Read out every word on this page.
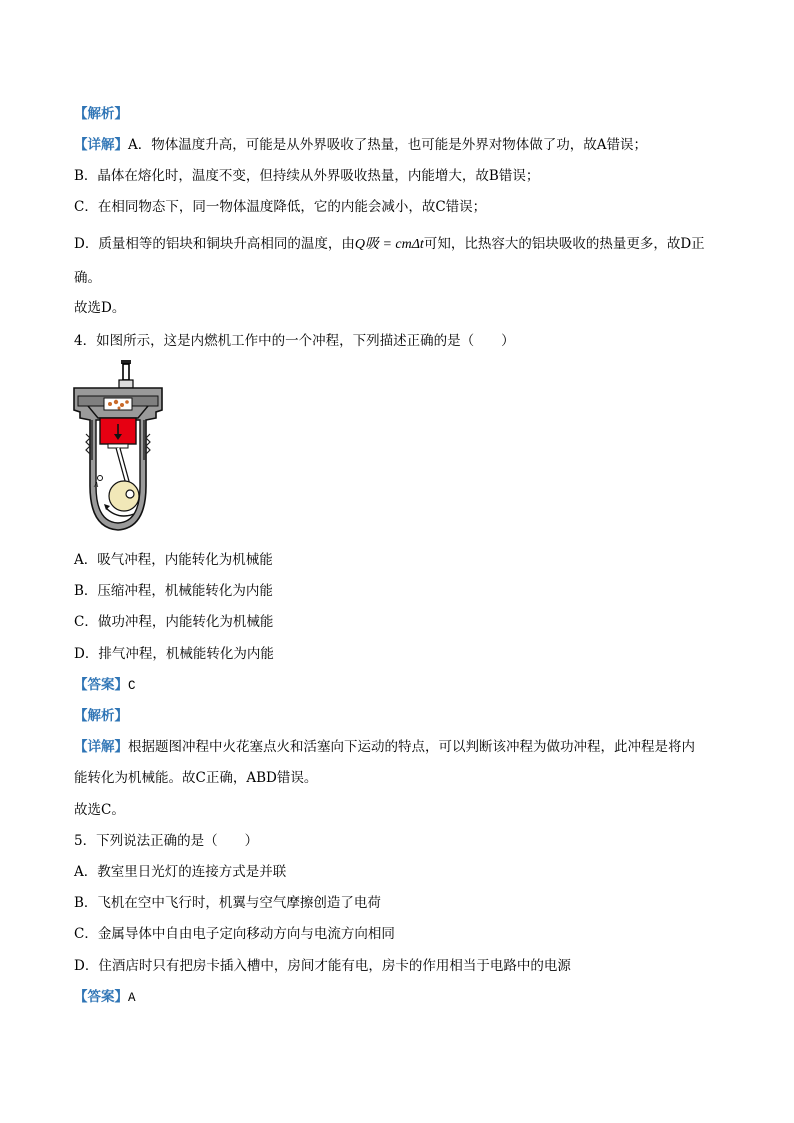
【解析】
【详解】A．物体温度升高，可能是从外界吸收了热量，也可能是外界对物体做了功，故A错误；
B．晶体在熔化时，温度不变，但持续从外界吸收热量，内能增大，故B错误；
C．在相同物态下，同一物体温度降低，它的内能会减小，故C错误；
D．质量相等的铝块和铜块升高相同的温度，由Q吸 = cmΔt可知，比热容大的铝块吸收的热量更多，故D正
确。
故选D。
4．如图所示，这是内燃机工作中的一个冲程，下列描述正确的是（　　）
A
A．吸气冲程，内能转化为机械能
B．压缩冲程，机械能转化为内能
C．做功冲程，内能转化为机械能
D．排气冲程，机械能转化为内能
【答案】C
【解析】
【详解】根据题图冲程中火花塞点火和活塞向下运动的特点，可以判断该冲程为做功冲程，此冲程是将内
能转化为机械能。故C正确，ABD错误。
故选C。
5．下列说法正确的是（　　）
A．教室里日光灯的连接方式是并联
B．飞机在空中飞行时，机翼与空气摩擦创造了电荷
C．金属导体中自由电子定向移动方向与电流方向相同
D．住酒店时只有把房卡插入槽中，房间才能有电，房卡的作用相当于电路中的电源
【答案】A
